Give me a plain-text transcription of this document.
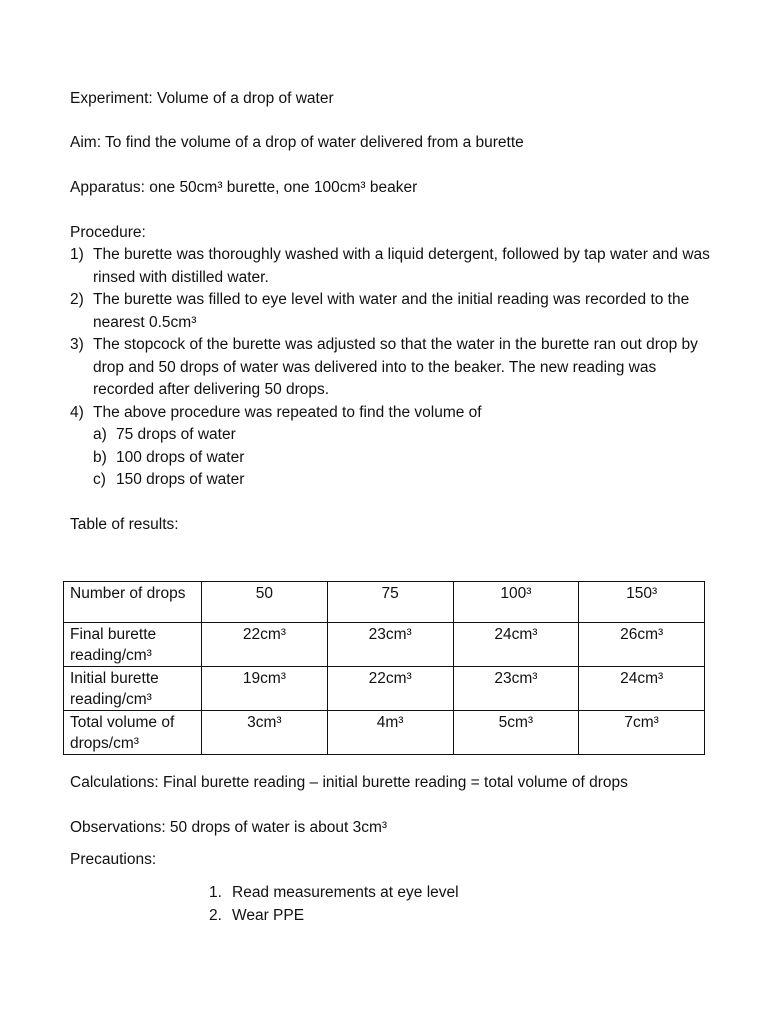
Experiment: Volume of a drop of water
Aim: To find the volume of a drop of water delivered from a burette
Apparatus: one 50cm³ burette, one 100cm³ beaker
Procedure:
1) The burette was thoroughly washed with a liquid detergent, followed by tap water and was rinsed with distilled water.
2) The burette was filled to eye level with water and the initial reading was recorded to the nearest 0.5cm³
3) The stopcock of the burette was adjusted so that the water in the burette ran out drop by drop and 50 drops of water was delivered into to the beaker. The new reading was recorded after delivering 50 drops.
4) The above procedure was repeated to find the volume of
a) 75 drops of water
b) 100 drops of water
c) 150 drops of water
Table of results:
Number of drops	50	75	100³	150³
Final burette reading/cm³	22cm³	23cm³	24cm³	26cm³
Initial burette reading/cm³	19cm³	22cm³	23cm³	24cm³
Total volume of drops/cm³	3cm³	4m³	5cm³	7cm³
Calculations: Final burette reading – initial burette reading = total volume of drops
Observations: 50 drops of water is about 3cm³
Precautions:
1. Read measurements at eye level
2. Wear PPE
